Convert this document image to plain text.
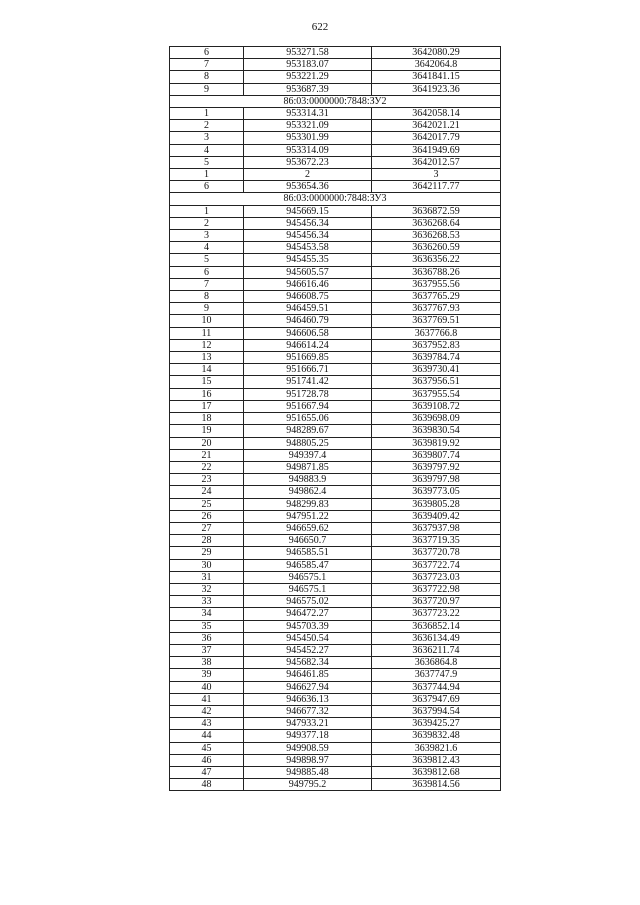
622
6	953271.58	3642080.29
7	953183.07	3642064.8
8	953221.29	3641841.15
9	953687.39	3641923.36
86:03:0000000:7848:ЗУ2		
1	953314.31	3642058.14
2	953321.09	3642021.21
3	953301.99	3642017.79
4	953314.09	3641949.69
5	953672.23	3642012.57
1	2	3
6	953654.36	3642117.77
86:03:0000000:7848:ЗУ3		
1	945669.15	3636872.59
2	945456.34	3636268.64
3	945456.34	3636268.53
4	945453.58	3636260.59
5	945455.35	3636356.22
6	945605.57	3636788.26
7	946616.46	3637955.56
8	946608.75	3637765.29
9	946459.51	3637767.93
10	946460.79	3637769.51
11	946606.58	3637766.8
12	946614.24	3637952.83
13	951669.85	3639784.74
14	951666.71	3639730.41
15	951741.42	3637956.51
16	951728.78	3637955.54
17	951667.94	3639108.72
18	951655.06	3639698.09
19	948289.67	3639830.54
20	948805.25	3639819.92
21	949397.4	3639807.74
22	949871.85	3639797.92
23	949883.9	3639797.98
24	949862.4	3639773.05
25	948299.83	3639805.28
26	947951.22	3639409.42
27	946659.62	3637937.98
28	946650.7	3637719.35
29	946585.51	3637720.78
30	946585.47	3637722.74
31	946575.1	3637723.03
32	946575.1	3637722.98
33	946575.02	3637720.97
34	946472.27	3637723.22
35	945703.39	3636852.14
36	945450.54	3636134.49
37	945452.27	3636211.74
38	945682.34	3636864.8
39	946461.85	3637747.9
40	946627.94	3637744.94
41	946636.13	3637947.69
42	946677.32	3637994.54
43	947933.21	3639425.27
44	949377.18	3639832.48
45	949908.59	3639821.6
46	949898.97	3639812.43
47	949885.48	3639812.68
48	949795.2	3639814.56
